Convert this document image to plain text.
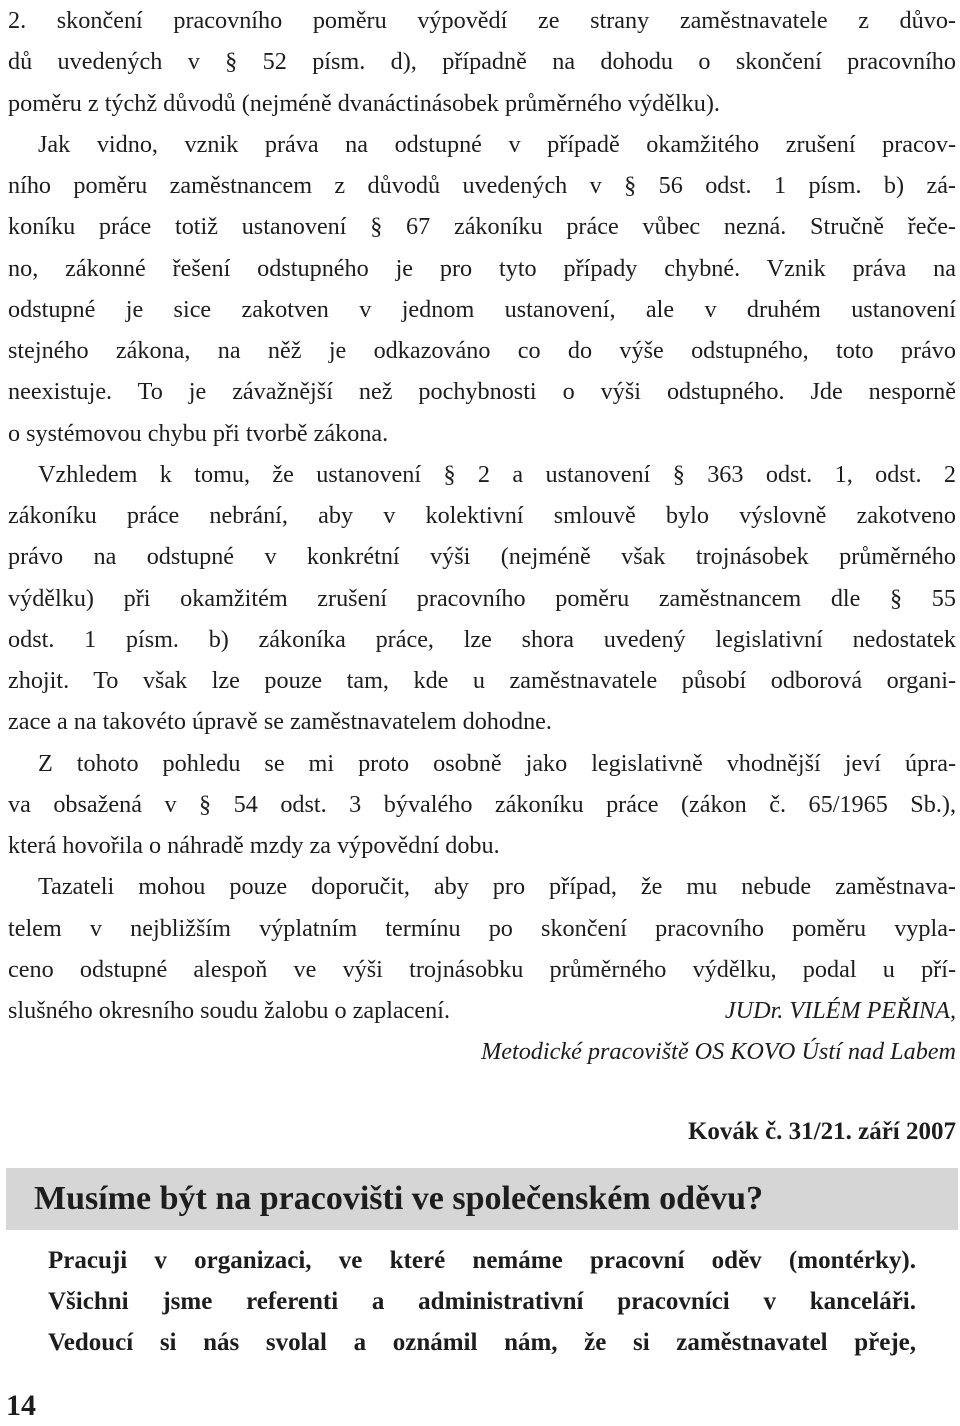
2. skončení pracovního poměru výpovědí ze strany zaměstnavatele z důvo-
dů uvedených v § 52 písm. d), případně na dohodu o skončení pracovního
poměru z týchž důvodů (nejméně dvanáctinásobek průměrného výdělku).
Jak vidno, vznik práva na odstupné v případě okamžitého zrušení pracov-
ního poměru zaměstnancem z důvodů uvedených v § 56 odst. 1 písm. b) zá-
koníku práce totiž ustanovení § 67 zákoníku práce vůbec nezná. Stručně řeče-
no, zákonné řešení odstupného je pro tyto případy chybné. Vznik práva na
odstupné je sice zakotven v jednom ustanovení, ale v druhém ustanovení
stejného zákona, na něž je odkazováno co do výše odstupného, toto právo
neexistuje. To je závažnější než pochybnosti o výši odstupného. Jde nesporně
o systémovou chybu při tvorbě zákona.
Vzhledem k tomu, že ustanovení § 2 a ustanovení § 363 odst. 1, odst. 2
zákoníku práce nebrání, aby v kolektivní smlouvě bylo výslovně zakotveno
právo na odstupné v konkrétní výši (nejméně však trojnásobek průměrného
výdělku) při okamžitém zrušení pracovního poměru zaměstnancem dle § 55
odst. 1 písm. b) zákoníka práce, lze shora uvedený legislativní nedostatek
zhojit. To však lze pouze tam, kde u zaměstnavatele působí odborová organi-
zace a na takovéto úpravě se zaměstnavatelem dohodne.
Z tohoto pohledu se mi proto osobně jako legislativně vhodnější jeví úpra-
va obsažená v § 54 odst. 3 bývalého zákoníku práce (zákon č. 65/1965 Sb.),
která hovořila o náhradě mzdy za výpovědní dobu.
Tazateli mohou pouze doporučit, aby pro případ, že mu nebude zaměstnava-
telem v nejbližším výplatním termínu po skončení pracovního poměru vypla-
ceno odstupné alespoň ve výši trojnásobku průměrného výdělku, podal u pří-
slušného okresního soudu žalobu o zaplacení.	JUDr. VILÉM PEŘINA,
Metodické pracoviště OS KOVO Ústí nad Labem
Kovák č. 31/21. září 2007
Musíme být na pracovišti ve společenském oděvu?
Pracuji v organizaci, ve které nemáme pracovní oděv (montérky).
Všichni jsme referenti a administrativní pracovníci v kanceláři.
Vedoucí si nás svolal a oznámil nám, že si zaměstnavatel přeje,
14
